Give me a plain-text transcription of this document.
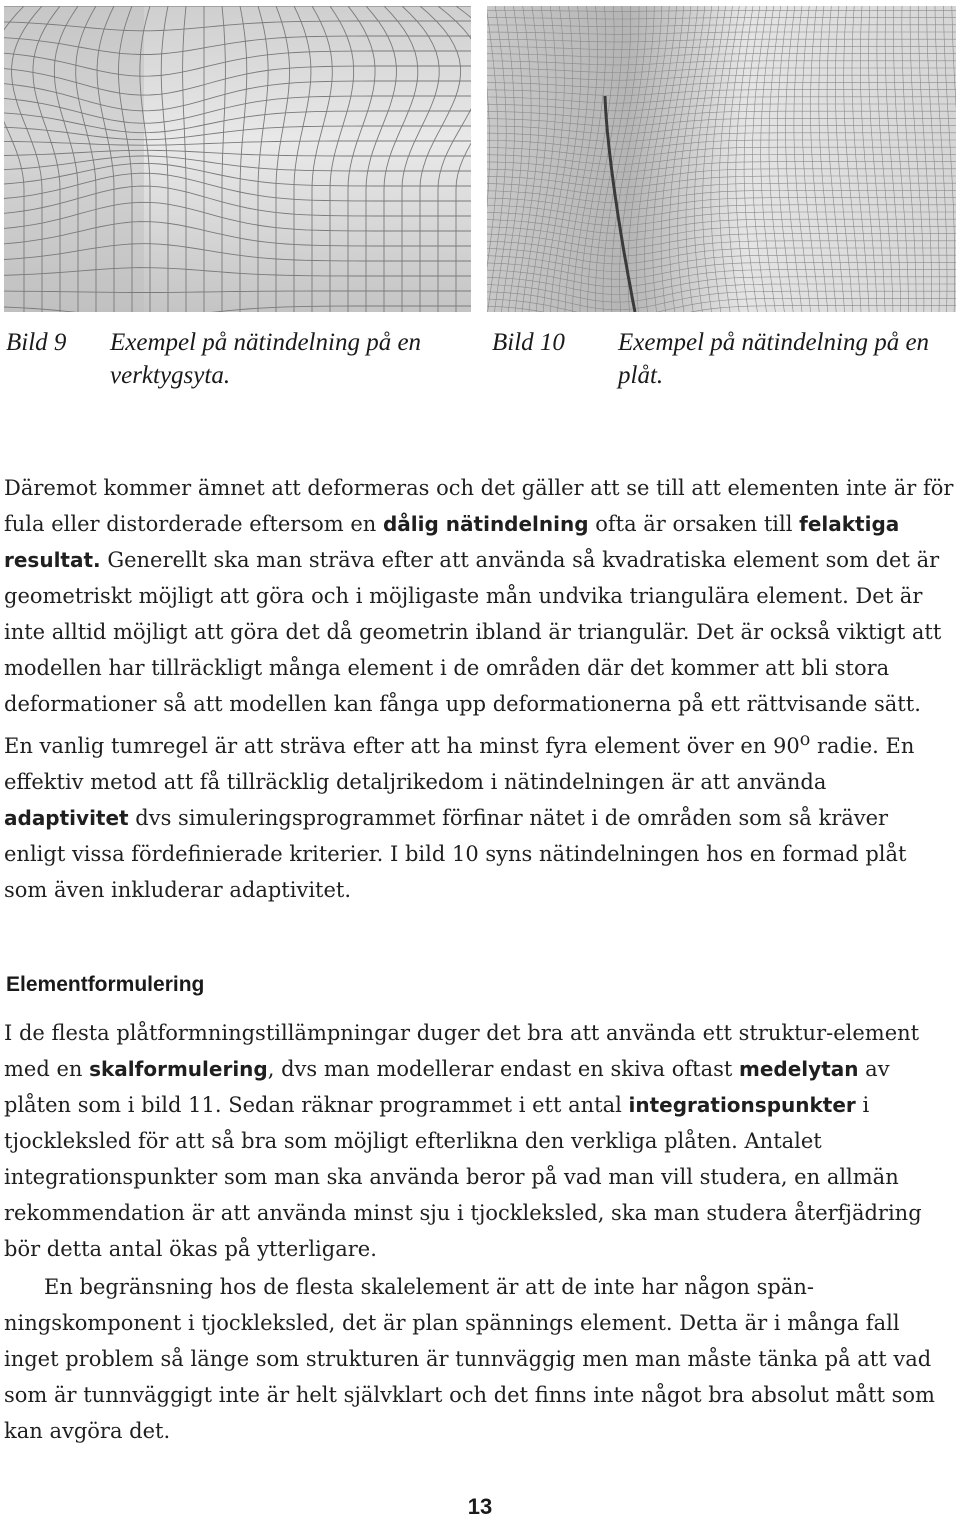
Bild 9 Exempel på nätindelning på en verktygsyta.
Bild 10 Exempel på nätindelning på en plåt.

Däremot kommer ämnet att deformeras och det gäller att se till att elementen inte är för fula eller distorderade eftersom en dålig nätindelning ofta är orsaken till felaktiga resultat. Generellt ska man sträva efter att använda så kvadratiska element som det är geometriskt möjligt att göra och i möjligaste mån undvika triangulära element. Det är inte alltid möjligt att göra det då geometrin ibland är triangulär. Det är också viktigt att modellen har tillräckligt många element i de områden där det kommer att bli stora deformationer så att modellen kan fånga upp deformationerna på ett rättvisande sätt. En vanlig tumregel är att sträva efter att ha minst fyra element över en 90$^o$ radie. En effektiv metod att få tillräcklig detaljrikedom i nätindelningen är att använda adaptivitet dvs simuleringsprogrammet förfinar nätet i de områden som så kräver enligt vissa fördefinierade kriterier. I bild 10 syns nätindelningen hos en formad plåt som även inkluderar adaptivitet.

Elementformulering

I de flesta plåtformningstillämpningar duger det bra att använda ett struktur-element med en skalformulering, dvs man modellerar endast en skiva oftast medelytan av plåten som i bild 11. Sedan räknar programmet i ett antal integrationspunkter i tjockleksled för att så bra som möjligt efterlikna den verkliga plåten. Antalet integrationspunkter som man ska använda beror på vad man vill studera, en allmän rekommendation är att använda minst sju i tjockleksled, ska man studera återfjädring bör detta antal ökas på ytterligare.

En begränsning hos de flesta skalelement är att de inte har någon spän-ningskomponent i tjockleksled, det är plan spännings element. Detta är i många fall inget problem så länge som strukturen är tunnväggig men man måste tänka på att vad som är tunnväggigt inte är helt självklart och det finns inte något bra absolut mått som kan avgöra det.

13
